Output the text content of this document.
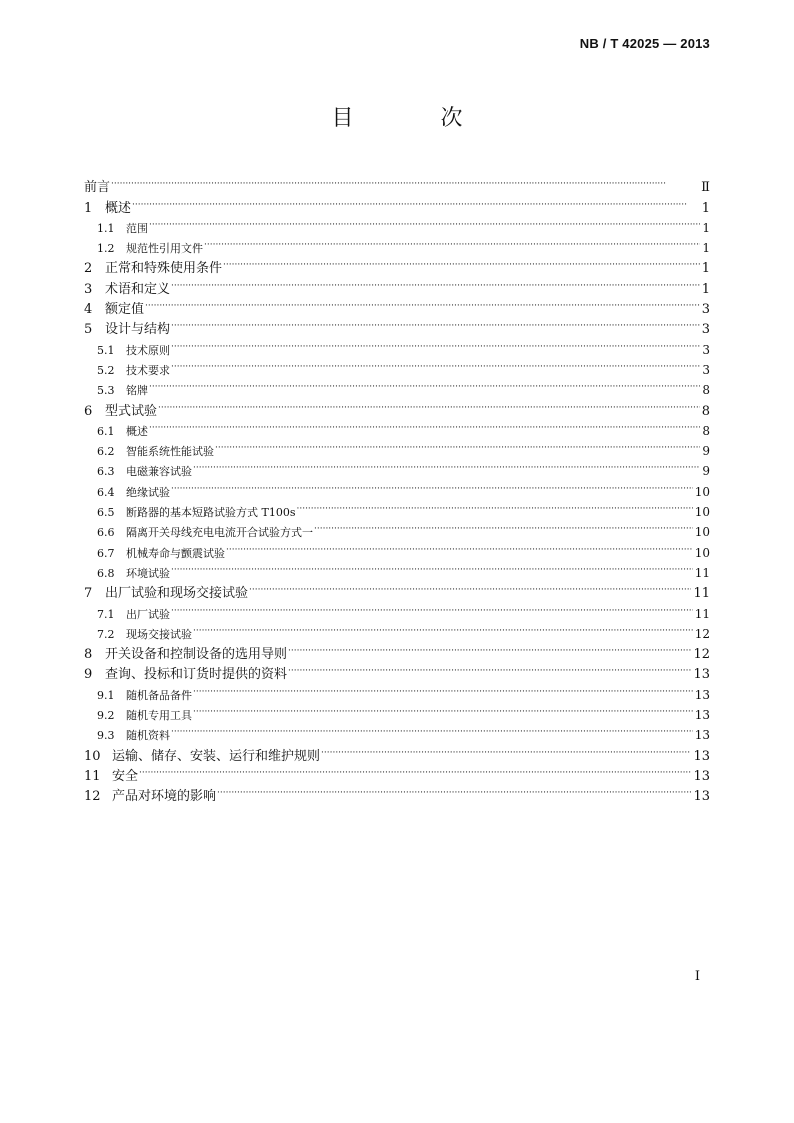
NB / T 42025 — 2013
目 次
前言 ·····	Ⅱ
1 概述 ·····	1
1.1	范围 ·····	1
1.2	规范性引用文件 ·····	1
2 正常和特殊使用条件 ·····	1
3 术语和定义 ·····	1
4 额定值 ·····	3
5 设计与结构 ·····	3
5.1	技术原则 ·····	3
5.2	技术要求 ·····	3
5.3	铭牌 ·····	8
6 型式试验 ·····	8
6.1	概述 ·····	8
6.2	智能系统性能试验 ·····	9
6.3	电磁兼容试验 ·····	9
6.4	绝缘试验 ·····	10
6.5	断路器的基本短路试验方式 T100s ·····	10
6.6	隔离开关母线充电电流开合试验方式一 ·····	10
6.7	机械寿命与颤震试验 ·····	10
6.8	环境试验 ·····	11
7 出厂试验和现场交接试验 ·····	11
7.1	出厂试验 ·····	11
7.2	现场交接试验 ·····	12
8 开关设备和控制设备的选用导则 ·····	12
9 查询、投标和订货时提供的资料 ·····	13
9.1	随机备品备件 ·····	13
9.2	随机专用工具 ·····	13
9.3	随机资料 ·····	13
10 运输、储存、安装、运行和维护规则 ·····	13
11 安全 ·····	13
12 产品对环境的影响 ·····	13
I
